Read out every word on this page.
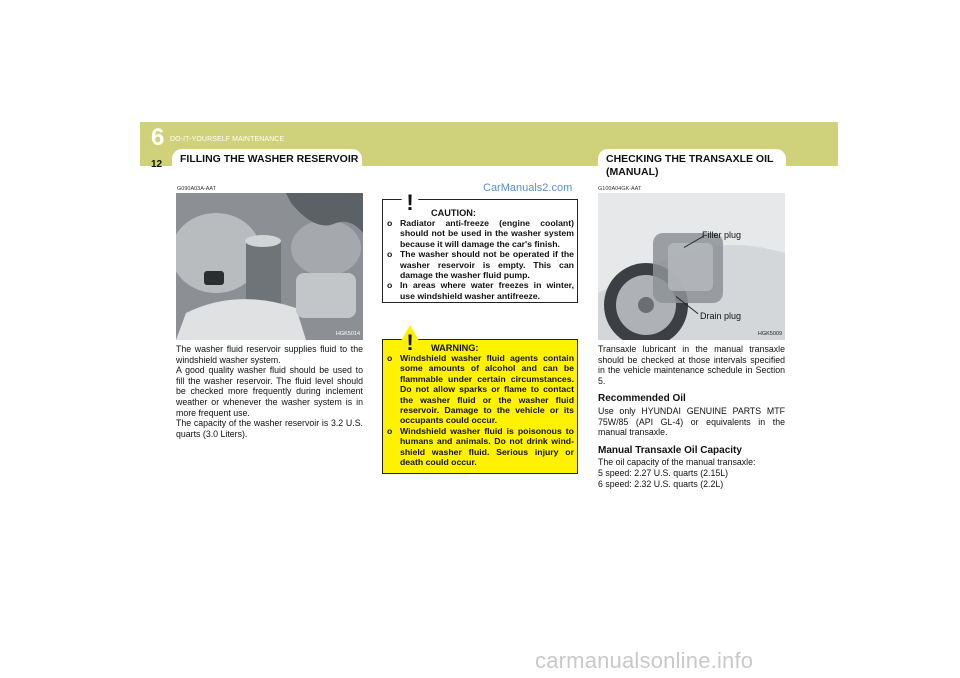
6 DO-IT-YOURSELF MAINTENANCE
12	FILLING THE WASHER RESERVOIR	CHECKING THE TRANSAXLE OIL (MANUAL)
G090A03A-AAT
HGK5014
The washer fluid reservoir supplies fluid to the windshield washer system.
A good quality washer fluid should be used to fill the washer reservoir. The fluid level should be checked more frequently during inclement weather or whenever the washer system is in more frequent use.
The capacity of the washer reservoir is 3.2 U.S. quarts (3.0 Liters).
CarManuals2.com
! CAUTION:
o Radiator anti-freeze (engine coolant) should not be used in the washer system because it will damage the car's finish.
o The washer should not be operated if the washer reservoir is empty. This can damage the washer fluid pump.
o In areas where water freezes in winter, use windshield washer antifreeze.
! WARNING:
o Windshield washer fluid agents contain some amounts of alcohol and can be flammable under certain circumstances. Do not allow sparks or flame to contact the washer fluid or the washer fluid reservoir. Damage to the vehicle or its occupants could occur.
o Windshield washer fluid is poisonous to humans and animals. Do not drink wind-shield washer fluid. Serious injury or death could occur.
G100A04GK-AAT
HGK5009
Filler plug
Drain plug
Transaxle lubricant in the manual transaxle should be checked at those intervals specified in the vehicle maintenance schedule in Section 5.
Recommended Oil
Use only HYUNDAI GENUINE PARTS MTF 75W/85 (API GL-4) or equivalents in the manual transaxle.
Manual Transaxle Oil Capacity
The oil capacity of the manual transaxle:
5 speed: 2.27 U.S. quarts (2.15L)
6 speed: 2.32 U.S. quarts (2.2L)
carmanualsonline.info
